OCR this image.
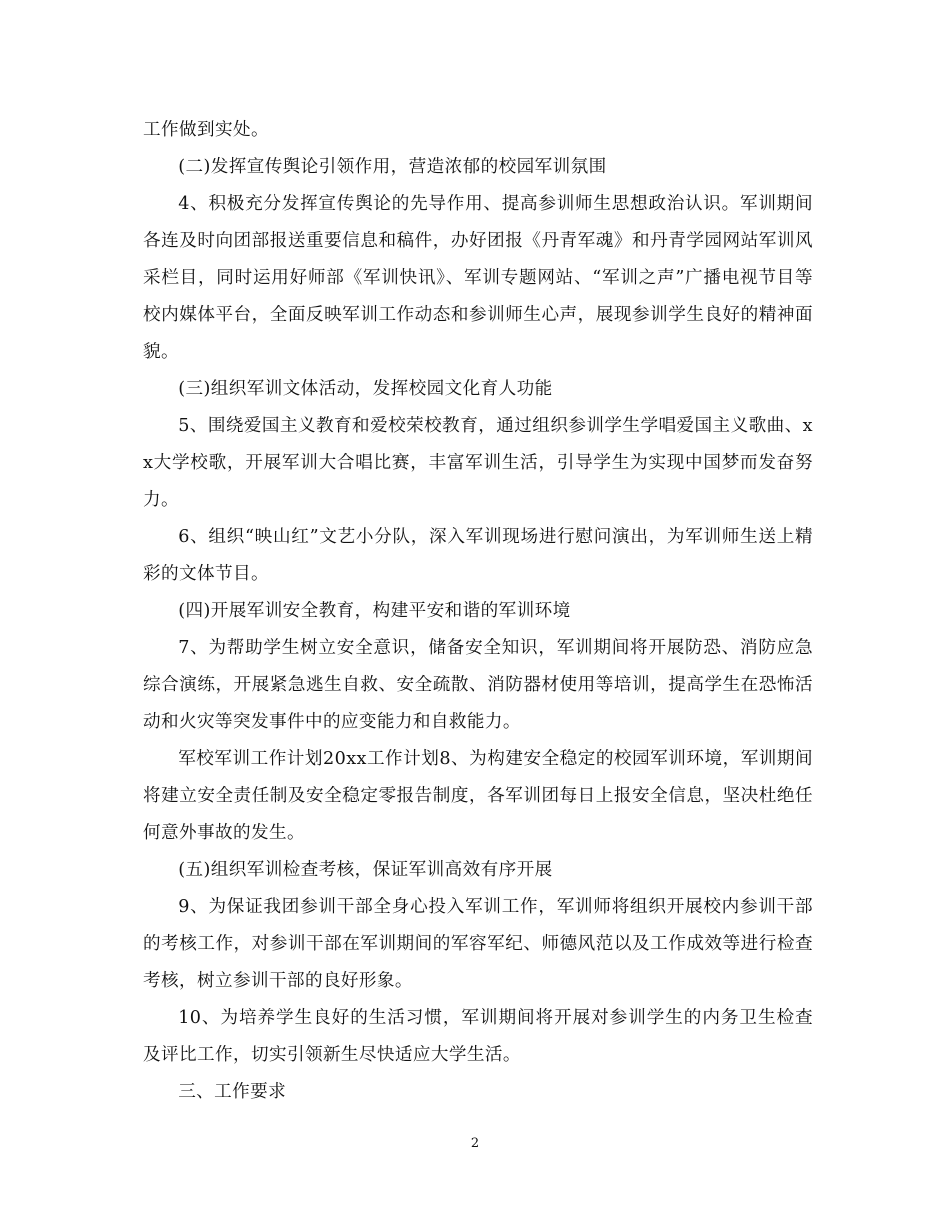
工作做到实处。

(二)发挥宣传舆论引领作用，营造浓郁的校园军训氛围

4、积极充分发挥宣传舆论的先导作用、提高参训师生思想政治认识。军训期间各连及时向团部报送重要信息和稿件，办好团报《丹青军魂》和丹青学园网站军训风采栏目，同时运用好师部《军训快讯》、军训专题网站、“军训之声”广播电视节目等校内媒体平台，全面反映军训工作动态和参训师生心声，展现参训学生良好的精神面貌。

(三)组织军训文体活动，发挥校园文化育人功能

5、围绕爱国主义教育和爱校荣校教育，通过组织参训学生学唱爱国主义歌曲、xx大学校歌，开展军训大合唱比赛，丰富军训生活，引导学生为实现中国梦而发奋努力。

6、组织“映山红”文艺小分队，深入军训现场进行慰问演出，为军训师生送上精彩的文体节目。

(四)开展军训安全教育，构建平安和谐的军训环境

7、为帮助学生树立安全意识，储备安全知识，军训期间将开展防恐、消防应急综合演练，开展紧急逃生自救、安全疏散、消防器材使用等培训，提高学生在恐怖活动和火灾等突发事件中的应变能力和自救能力。

军校军训工作计划20xx工作计划8、为构建安全稳定的校园军训环境，军训期间将建立安全责任制及安全稳定零报告制度，各军训团每日上报安全信息，坚决杜绝任何意外事故的发生。

(五)组织军训检查考核，保证军训高效有序开展

9、为保证我团参训干部全身心投入军训工作，军训师将组织开展校内参训干部的考核工作，对参训干部在军训期间的军容军纪、师德风范以及工作成效等进行检查考核，树立参训干部的良好形象。

10、为培养学生良好的生活习惯，军训期间将开展对参训学生的内务卫生检查及评比工作，切实引领新生尽快适应大学生活。

三、工作要求

2
